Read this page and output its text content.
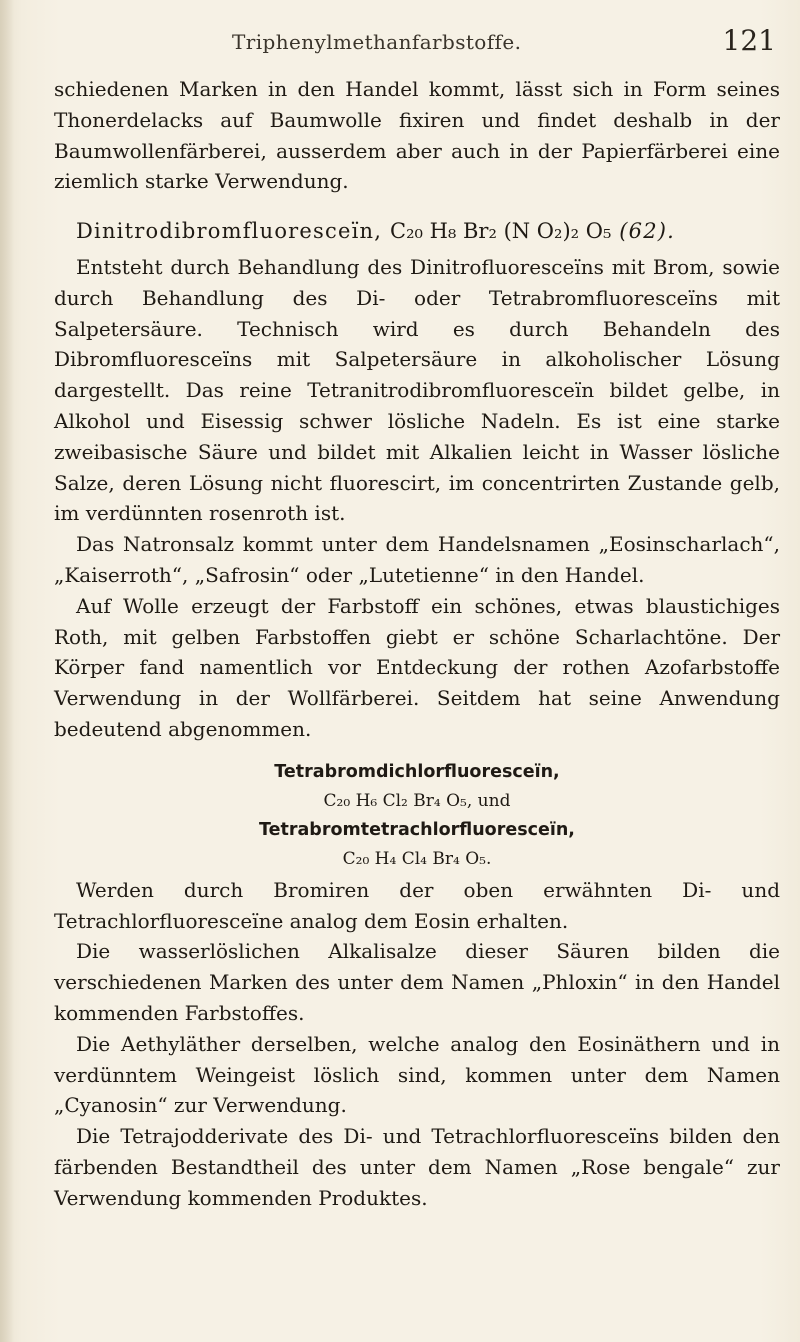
Triphenylmethanfarbstoffe.	121

schiedenen Marken in den Handel kommt, lässt sich in Form seines Thonerdelacks auf Baumwolle fixiren und findet deshalb in der Baumwollenfärberei, ausserdem aber auch in der Papierfärberei eine ziemlich starke Verwendung.

Dinitrodibromfluoresceïn, C₂₀ H₈ Br₂ (N O₂)₂ O₅ (62).

Entsteht durch Behandlung des Dinitrofluoresceïns mit Brom, sowie durch Behandlung des Di- oder Tetrabromfluoresceïns mit Salpetersäure. Technisch wird es durch Behandeln des Dibromfluoresceïns mit Salpetersäure in alkoholischer Lösung dargestellt. Das reine Tetranitrodibromfluoresceïn bildet gelbe, in Alkohol und Eisessig schwer lösliche Nadeln. Es ist eine starke zweibasische Säure und bildet mit Alkalien leicht in Wasser lösliche Salze, deren Lösung nicht fluorescirt, im concentrirten Zustande gelb, im verdünnten rosenroth ist.

Das Natronsalz kommt unter dem Handelsnamen „Eosinscharlach“, „Kaiserroth“, „Safrosin“ oder „Lutetienne“ in den Handel.

Auf Wolle erzeugt der Farbstoff ein schönes, etwas blaustichiges Roth, mit gelben Farbstoffen giebt er schöne Scharlachtöne. Der Körper fand namentlich vor Entdeckung der rothen Azofarbstoffe Verwendung in der Wollfärberei. Seitdem hat seine Anwendung bedeutend abgenommen.

Tetrabromdichlorfluoresceïn,
C₂₀ H₆ Cl₂ Br₄ O₅, und
Tetrabromtetrachlorfluoresceïn,
C₂₀ H₄ Cl₄ Br₄ O₅.

Werden durch Bromiren der oben erwähnten Di- und Tetrachlorfluoresceïne analog dem Eosin erhalten.

Die wasserlöslichen Alkalisalze dieser Säuren bilden die verschiedenen Marken des unter dem Namen „Phloxin“ in den Handel kommenden Farbstoffes.

Die Aethyläther derselben, welche analog den Eosinäthern und in verdünntem Weingeist löslich sind, kommen unter dem Namen „Cyanosin“ zur Verwendung.

Die Tetrajodderivate des Di- und Tetrachlorfluoresceïns bilden den färbenden Bestandtheil des unter dem Namen „Rose bengale“ zur Verwendung kommenden Produktes.
